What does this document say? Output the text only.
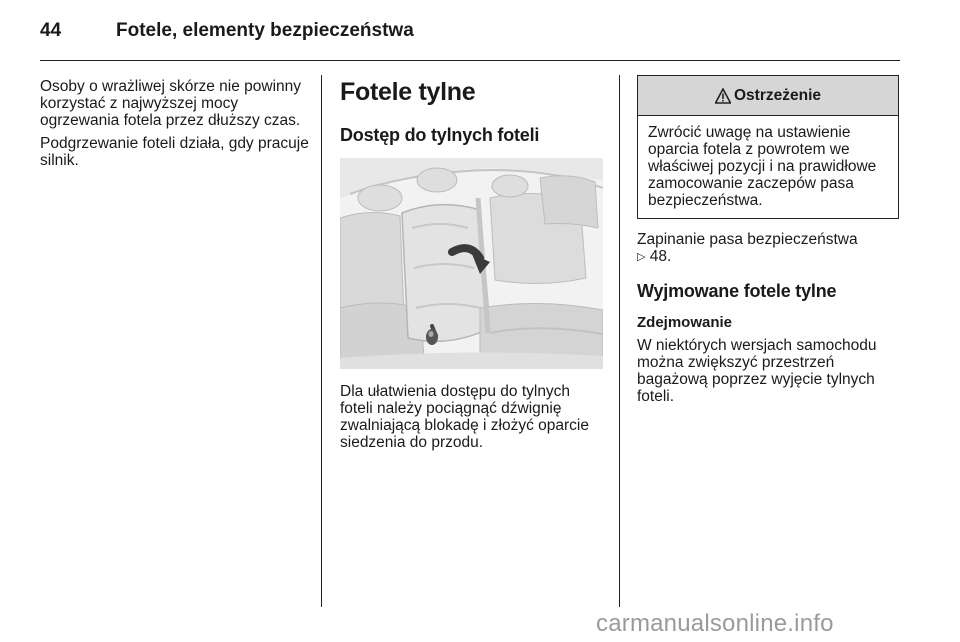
44	Fotele, elementy bezpieczeństwa

Osoby o wrażliwej skórze nie powinny korzystać z najwyższej mocy ogrzewania fotela przez dłuższy czas.

Podgrzewanie foteli działa, gdy pracuje silnik.

Fotele tylne
Dostęp do tylnych foteli

Dla ułatwienia dostępu do tylnych foteli należy pociągnąć dźwignię zwalniającą blokadę i złożyć oparcie siedzenia do przodu.

Ostrzeżenie
Zwrócić uwagę na ustawienie oparcia fotela z powrotem we właściwej pozycji i na prawidłowe zamocowanie zaczepów pasa bezpieczeństwa.

Zapinanie pasa bezpieczeństwa
▷ 48.

Wyjmowane fotele tylne

Zdejmowanie

W niektórych wersjach samochodu można zwiększyć przestrzeń bagażową poprzez wyjęcie tylnych foteli.

carmanualsonline.info
